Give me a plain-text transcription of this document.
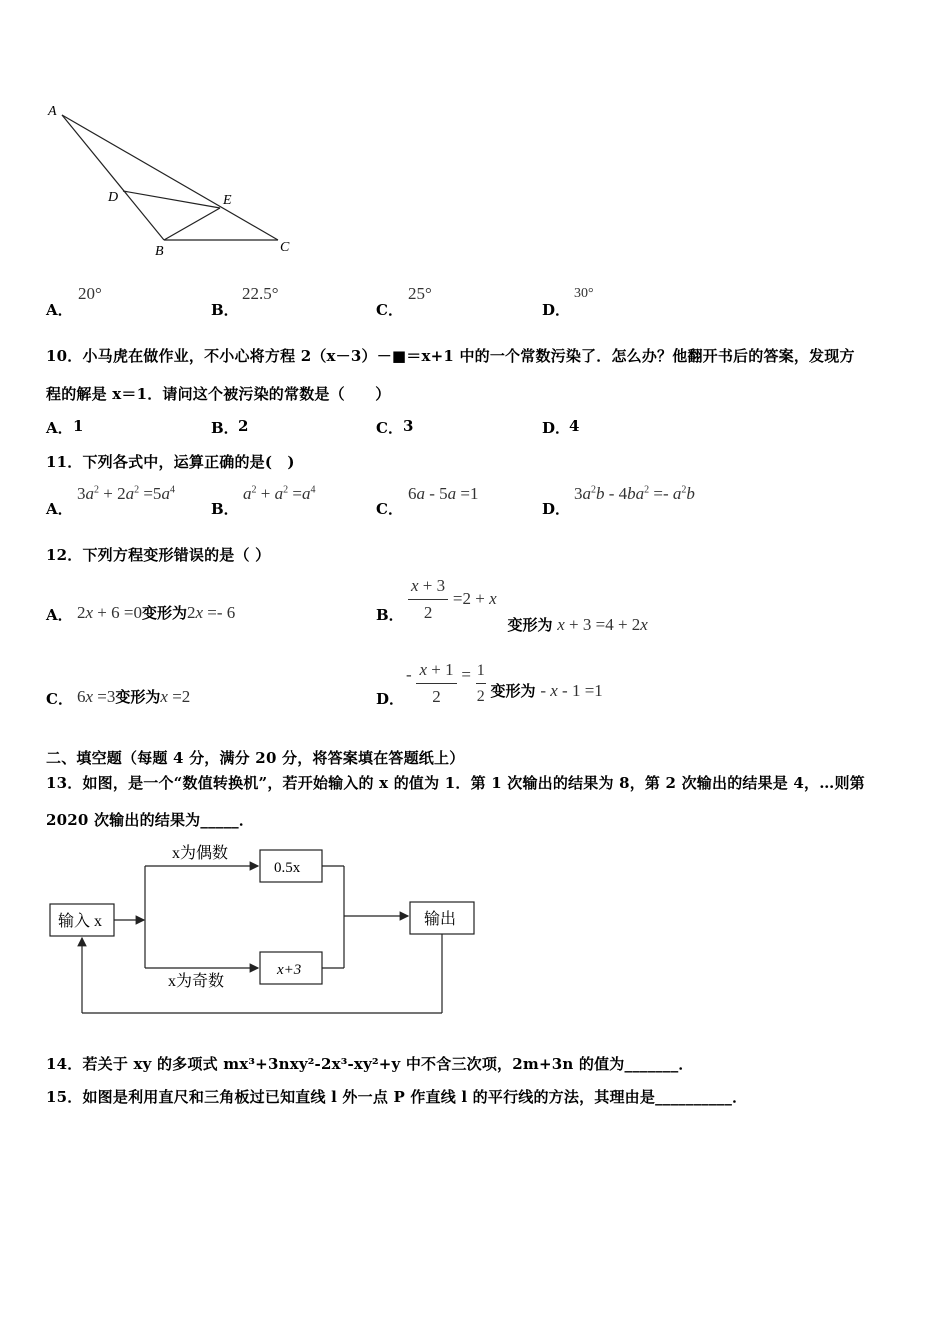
A
D	E
B	C
A．
20°
B．
22.5°
C．
25°
D．
30°
10．小马虎在做作业，不小心将方程 2（x－3）－■＝x+1 中的一个常数污染了．怎么办？他翻开书后的答案，发现方
程的解是 x＝1．请问这个被污染的常数是（　　）
A． 1	B． 2	C． 3	D．
4
11．下列各式中，运算正确的是(　)
A．
$3a^2 + 2a^2 =5a^4$
B．
$a^2 + a^2 =a^4$
C．
6a - 5a =1
D．
$3a^2b - 4ba^2 =- a^2b$
12．下列方程变形错误的是（ ）
A． 2x + 6 =0变形为2x =- 6	B． $\frac{x + 3}{2} =2 + x$ 变形为 x + 3 =4 + 2x
C． 6x =3变形为x =2	D．
- $\frac{x + 1}{2} = \frac{1}{2}$ 变形为 - x - 1 =1
二、填空题（每题 4 分，满分 20 分，将答案填在答题纸上）
13．如图，是一个“数值转换机”，若开始输入的 x 的值为 1．第 1 次输出的结果为 8，第 2 次输出的结果是 4，…则第
2020 次输出的结果为_____．
输入 x
x为偶数
0.5x
x为奇数
x+3
输出
14．若关于 xy 的多项式 mx³+3nxy²-2x³-xy²+y 中不含三次项，2m+3n 的值为_______．
15．如图是利用直尺和三角板过已知直线 l 外一点 P 作直线 l 的平行线的方法，其理由是__________．
